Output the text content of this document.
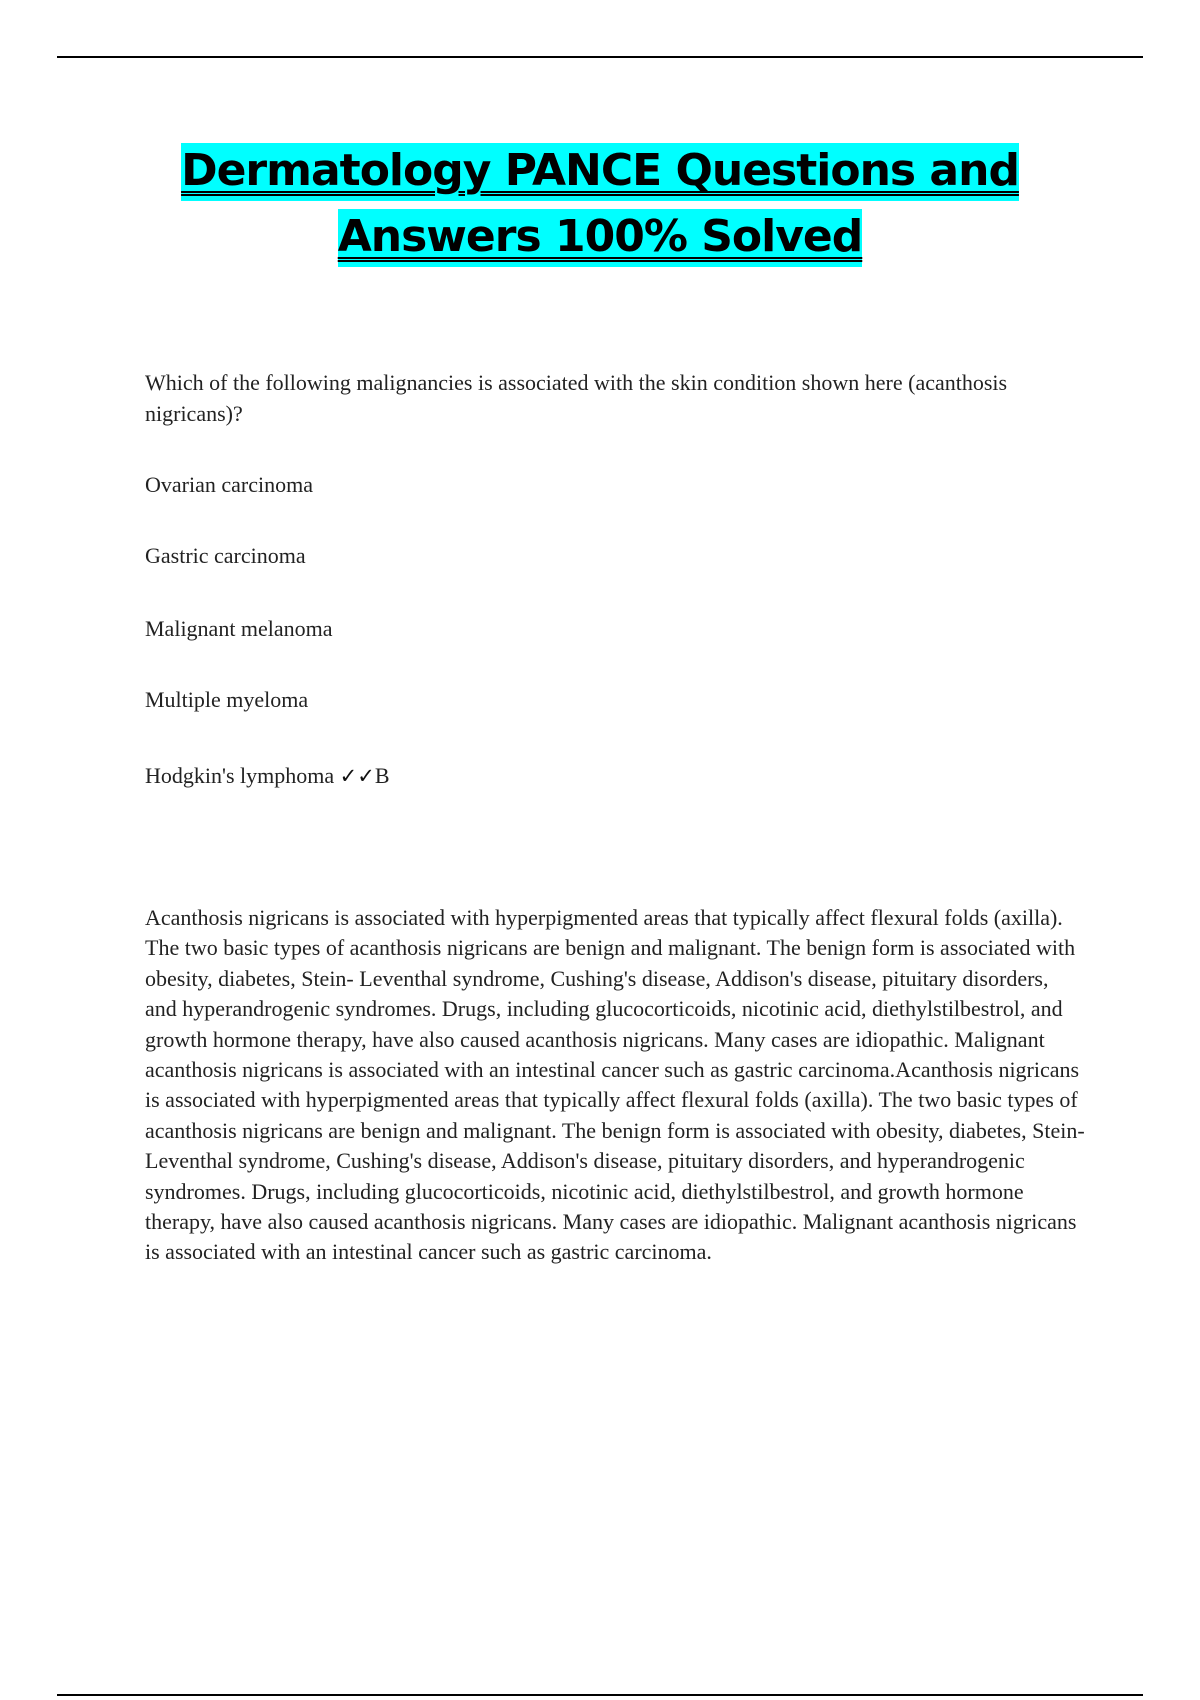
Dermatology PANCE Questions and
Answers 100% Solved
Which of the following malignancies is associated with the skin condition shown here (acanthosis nigricans)?
Ovarian carcinoma
Gastric carcinoma
Malignant melanoma
Multiple myeloma
Hodgkin's lymphoma ✓✓B
Acanthosis nigricans is associated with hyperpigmented areas that typically affect flexural folds (axilla). The two basic types of acanthosis nigricans are benign and malignant. The benign form is associated with obesity, diabetes, Stein- Leventhal syndrome, Cushing's disease, Addison's disease, pituitary disorders, and hyperandrogenic syndromes. Drugs, including glucocorticoids, nicotinic acid, diethylstilbestrol, and growth hormone therapy, have also caused acanthosis nigricans. Many cases are idiopathic. Malignant acanthosis nigricans is associated with an intestinal cancer such as gastric carcinoma.Acanthosis nigricans is associated with hyperpigmented areas that typically affect flexural folds (axilla). The two basic types of acanthosis nigricans are benign and malignant. The benign form is associated with obesity, diabetes, Stein- Leventhal syndrome, Cushing's disease, Addison's disease, pituitary disorders, and hyperandrogenic syndromes. Drugs, including glucocorticoids, nicotinic acid, diethylstilbestrol, and growth hormone therapy, have also caused acanthosis nigricans. Many cases are idiopathic. Malignant acanthosis nigricans is associated with an intestinal cancer such as gastric carcinoma.
